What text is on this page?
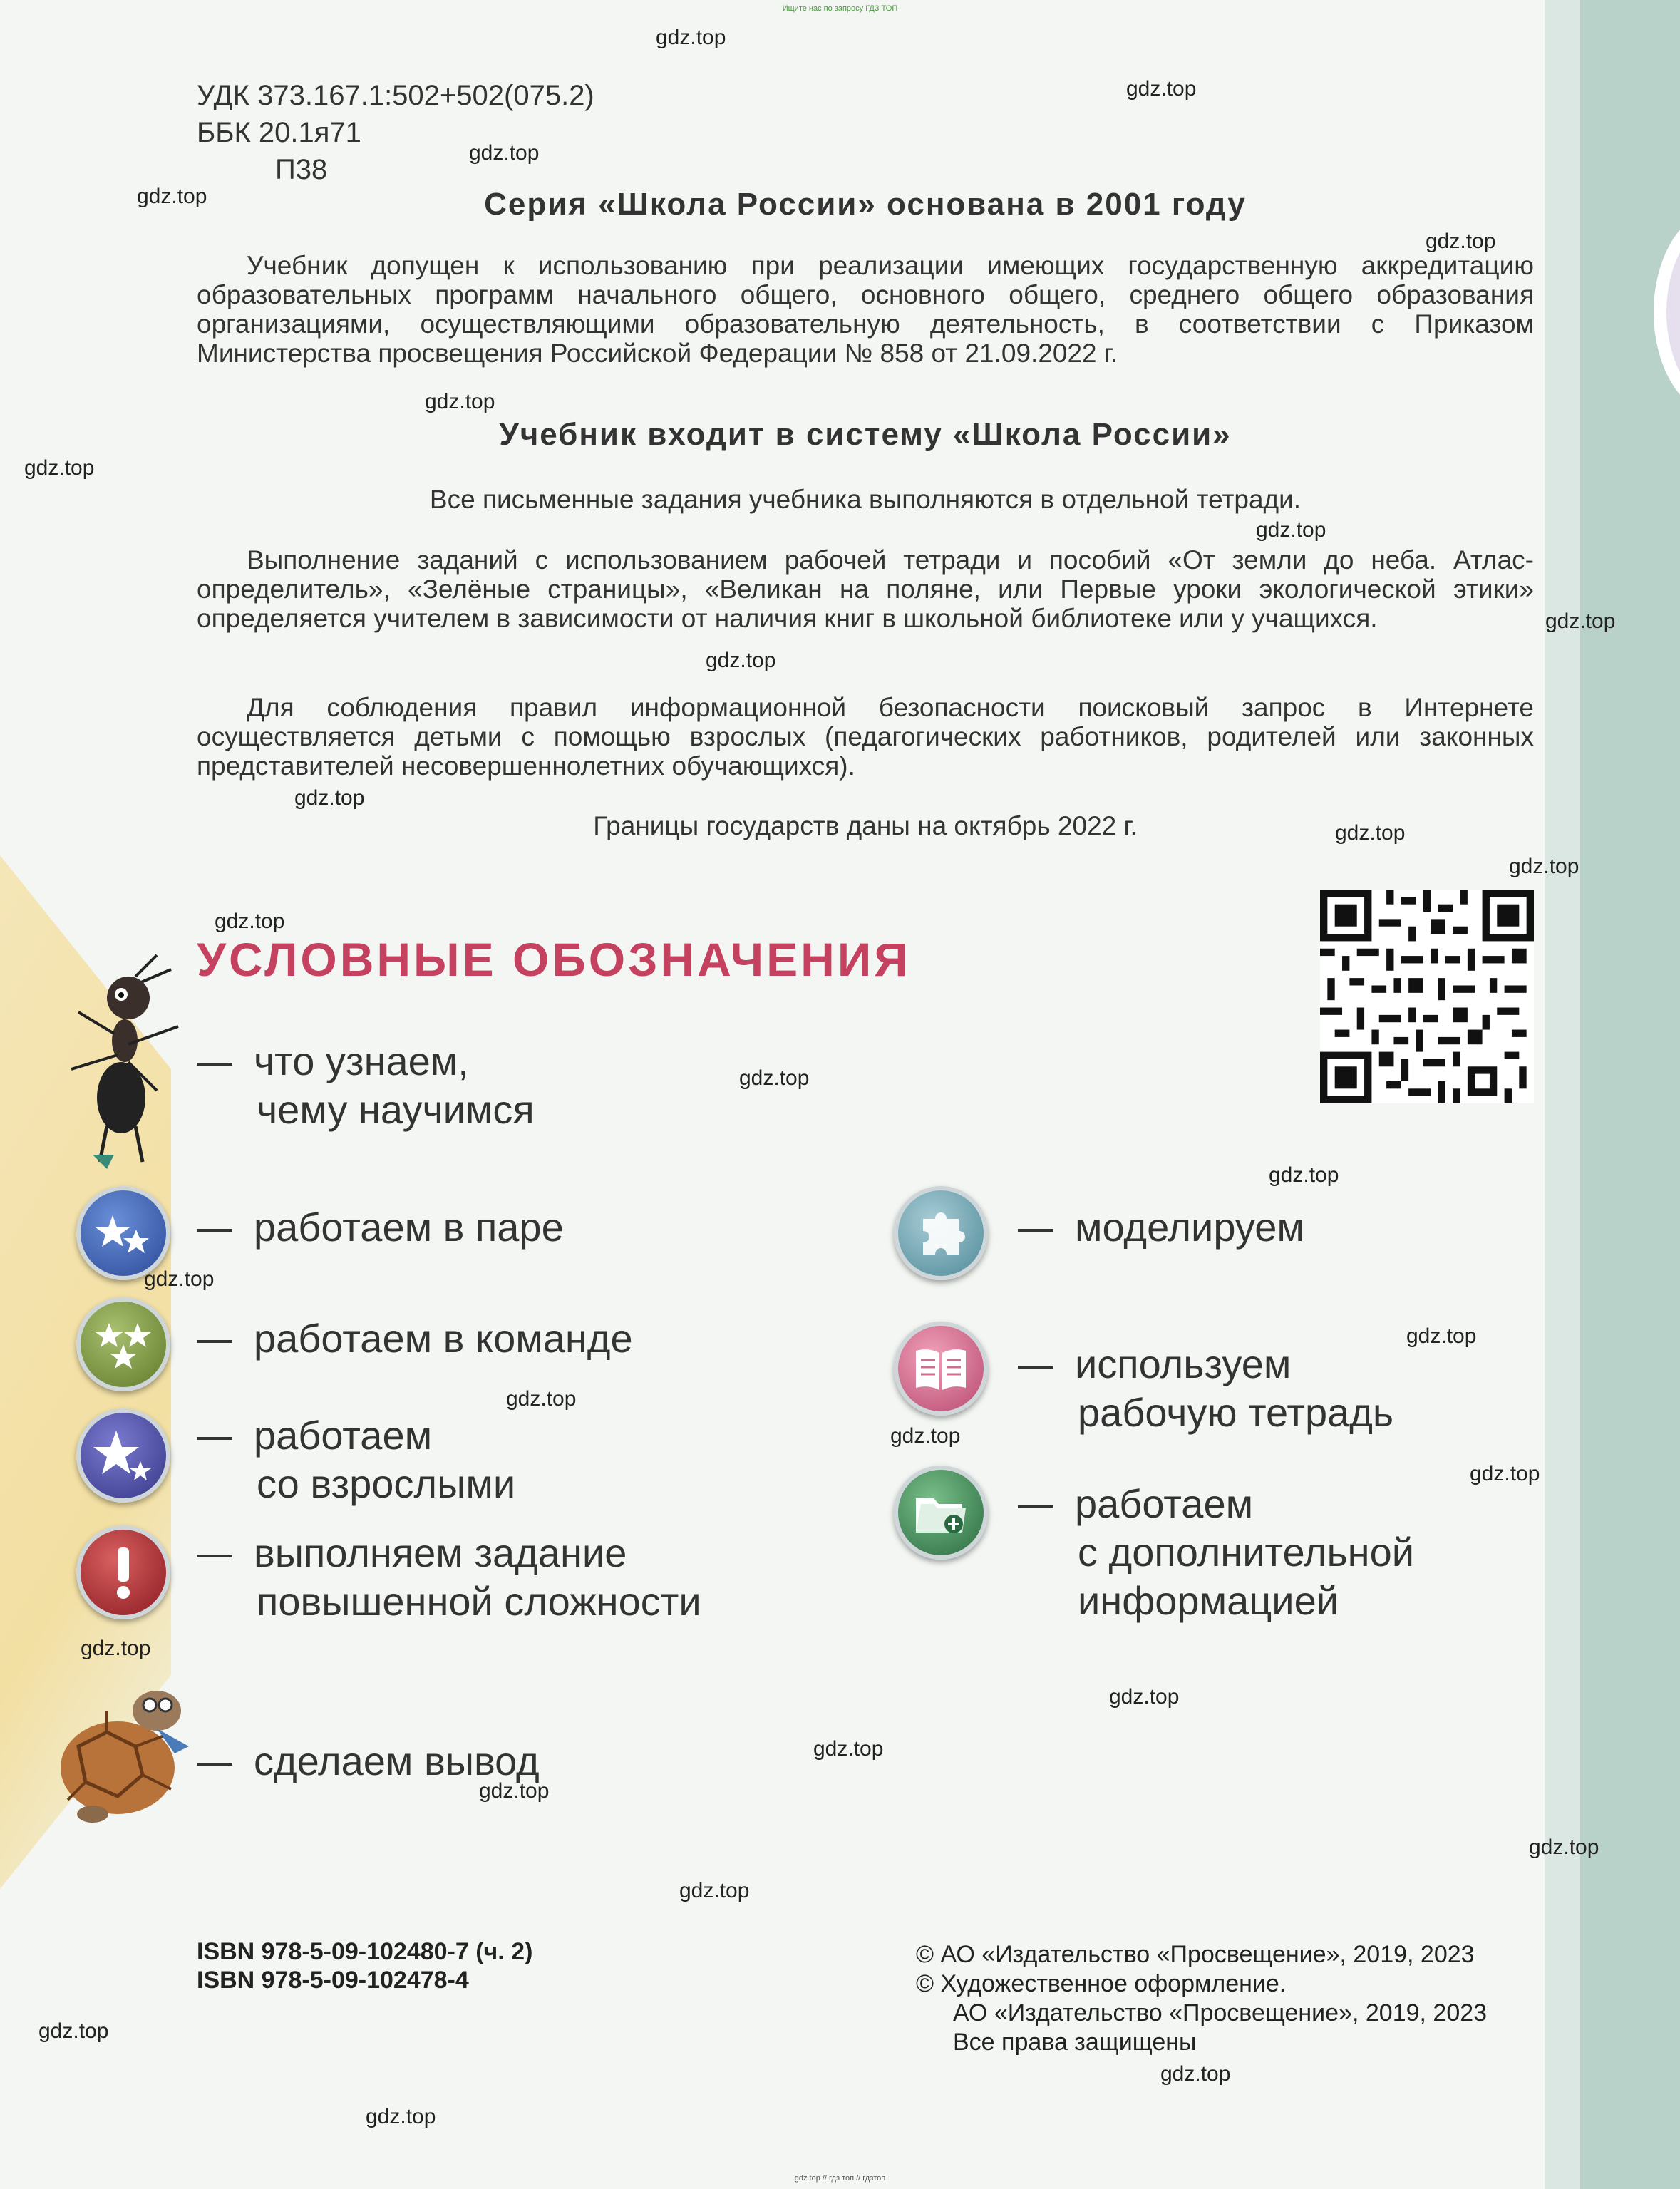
Ищите нас по запросу ГДЗ ТОП
УДК 373.167.1:502+502(075.2)
ББК 20.1я71
П38
Серия «Школа России» основана в 2001 году
Учебник допущен к использованию при реализации имеющих государственную аккредитацию образовательных программ начального общего, основного общего, среднего общего образования организациями, осуществляющими образовательную деятельность, в соответствии с Приказом Министерства просвещения Российской Федерации № 858 от 21.09.2022 г.
Учебник входит в систему «Школа России»
Все письменные задания учебника выполняются в отдельной тетради.
Выполнение заданий с использованием рабочей тетради и пособий «От земли до неба. Атлас-определитель», «Зелёные страницы», «Великан на поляне, или Первые уроки экологической этики» определяется учителем в зависимости от наличия книг в школьной библиотеке или у учащихся.
Для соблюдения правил информационной безопасности поисковый запрос в Интернете осуществляется детьми с помощью взрослых (педагогических работников, родителей или законных представителей несовершеннолетних обучающихся).
Границы государств даны на октябрь 2022 г.
УСЛОВНЫЕ ОБОЗНАЧЕНИЯ
что узнаем,
чему научимся
работаем в паре
работаем в команде
работаем
со взрослыми
выполняем задание
повышенной сложности
сделаем вывод
моделируем
используем
рабочую тетрадь
работаем
с дополнительной
информацией
ISBN 978-5-09-102480-7 (ч. 2)
ISBN 978-5-09-102478-4
© АО «Издательство «Просвещение», 2019, 2023
© Художественное оформление.
АО «Издательство «Просвещение», 2019, 2023
Все права защищены
gdz.top
gdz.top
gdz.top
gdz.top
gdz.top
gdz.top
gdz.top
gdz.top
gdz.top
gdz.top
gdz.top
gdz.top
gdz.top
gdz.top
gdz.top
gdz.top
gdz.top
gdz.top
gdz.top
gdz.top
gdz.top
gdz.top
gdz.top
gdz.top
gdz.top
gdz.top
gdz.top
gdz.top
gdz.top
gdz.top
gdz.top // гдз топ // гдзтоп
